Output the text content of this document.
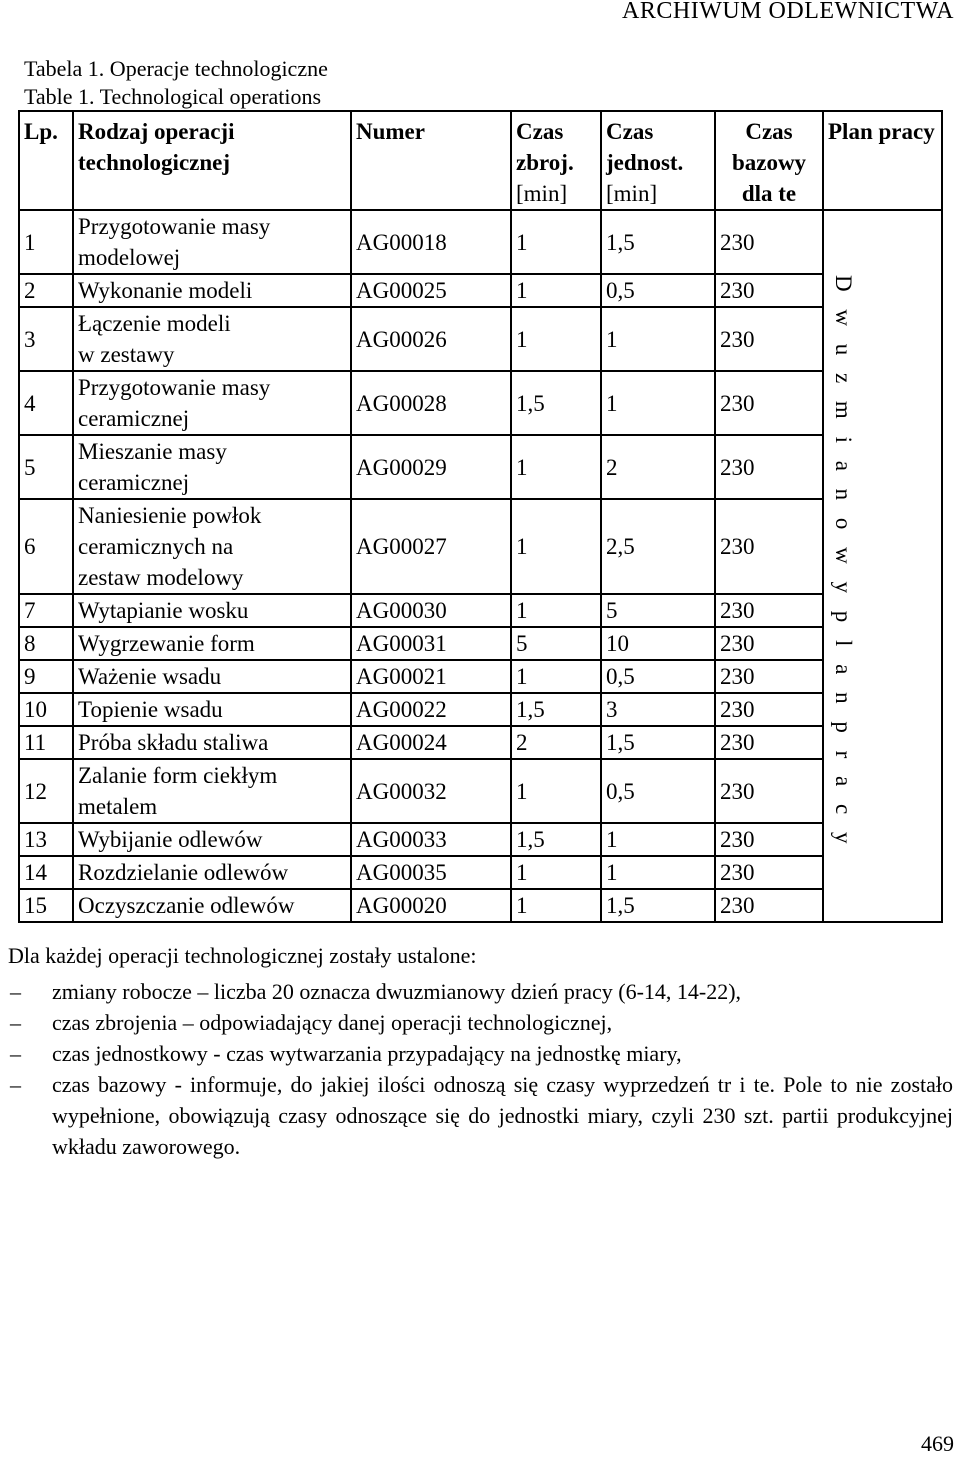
ARCHIWUM ODLEWNICTWA
Tabela 1. Operacje technologiczne
Table 1. Technological operations
Lp.	Rodzaj operacji technologicznej	Numer	Czas zbroj.
[min]	Czas jednost.
[min]	Czas bazowy dla te	Plan pracy
1	Przygotowanie masy
modelowej	AG00018	1	1,5	230	D w u z m i a n o w y p l a n p r a c y
2	Wykonanie modeli	AG00025	1	0,5	230	
3	Łączenie modeli
w zestawy	AG00026	1	1	230	
4	Przygotowanie masy
ceramicznej	AG00028	1,5	1	230	
5	Mieszanie masy
ceramicznej	AG00029	1	2	230	
6	Naniesienie powłok
ceramicznych na
zestaw modelowy	AG00027	1	2,5	230	
7	Wytapianie wosku	AG00030	1	5	230	
8	Wygrzewanie form	AG00031	5	10	230	
9	Ważenie wsadu	AG00021	1	0,5	230	
10	Topienie wsadu	AG00022	1,5	3	230	
11	Próba składu staliwa	AG00024	2	1,5	230	
12	Zalanie form ciekłym
metalem	AG00032	1	0,5	230	
13	Wybijanie odlewów	AG00033	1,5	1	230	
14	Rozdzielanie odlewów	AG00035	1	1	230	
15	Oczyszczanie odlewów	AG00020	1	1,5	230	

Dla każdej operacji technologicznej zostały ustalone:

– zmiany robocze – liczba 20 oznacza dwuzmianowy dzień pracy (6-14, 14-22),
– czas zbrojenia – odpowiadający danej operacji technologicznej,
– czas jednostkowy - czas wytwarzania przypadający na jednostkę miary,
– czas bazowy - informuje, do jakiej ilości odnoszą się czasy wyprzedzeń tr i te. Pole to nie zostało wypełnione, obowiązują czasy odnoszące się do jednostki miary, czyli 230 szt. partii produkcyjnej wkładu zaworowego.
469
